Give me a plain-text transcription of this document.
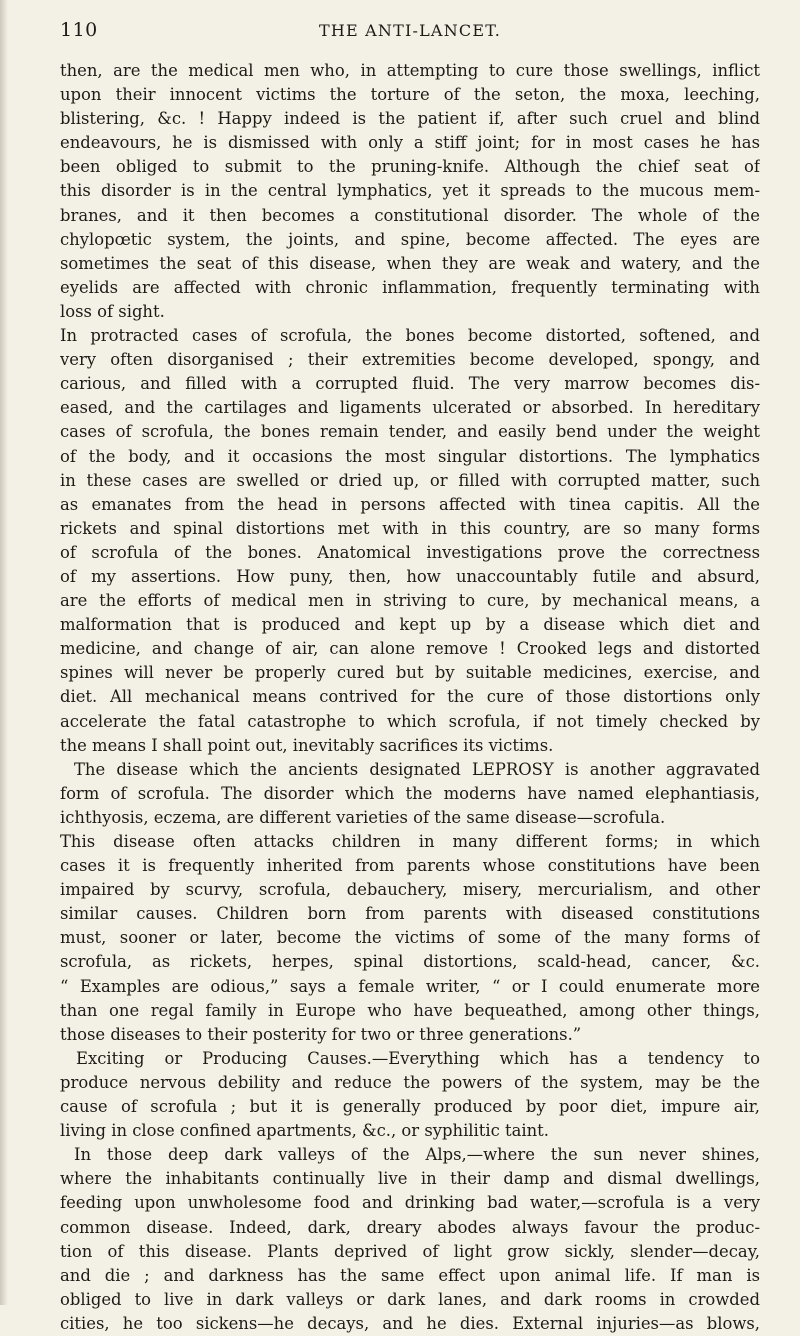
110	THE ANTI-LANCET.
then, are the medical men who, in attempting to cure those swellings, inflict
upon their innocent victims the torture of the seton, the moxa, leeching,
blistering, &c. ! Happy indeed is the patient if, after such cruel and blind
endeavours, he is dismissed with only a stiff joint; for in most cases he has
been obliged to submit to the pruning-knife. Although the chief seat of
this disorder is in the central lymphatics, yet it spreads to the mucous mem-
branes, and it then becomes a constitutional disorder. The whole of the
chylopœtic system, the joints, and spine, become affected. The eyes are
sometimes the seat of this disease, when they are weak and watery, and the
eyelids are affected with chronic inflammation, frequently terminating with
loss of sight.
In protracted cases of scrofula, the bones become distorted, softened, and
very often disorganised ; their extremities become developed, spongy, and
carious, and filled with a corrupted fluid. The very marrow becomes dis-
eased, and the cartilages and ligaments ulcerated or absorbed. In hereditary
cases of scrofula, the bones remain tender, and easily bend under the weight
of the body, and it occasions the most singular distortions. The lymphatics
in these cases are swelled or dried up, or filled with corrupted matter, such
as emanates from the head in persons affected with tinea capitis. All the
rickets and spinal distortions met with in this country, are so many forms
of scrofula of the bones. Anatomical investigations prove the correctness
of my assertions. How puny, then, how unaccountably futile and absurd,
are the efforts of medical men in striving to cure, by mechanical means, a
malformation that is produced and kept up by a disease which diet and
medicine, and change of air, can alone remove ! Crooked legs and distorted
spines will never be properly cured but by suitable medicines, exercise, and
diet. All mechanical means contrived for the cure of those distortions only
accelerate the fatal catastrophe to which scrofula, if not timely checked by
the means I shall point out, inevitably sacrifices its victims.
The disease which the ancients designated LEPROSY is another aggravated
form of scrofula. The disorder which the moderns have named elephantiasis,
ichthyosis, eczema, are different varieties of the same disease—scrofula.
This disease often attacks children in many different forms; in which
cases it is frequently inherited from parents whose constitutions have been
impaired by scurvy, scrofula, debauchery, misery, mercurialism, and other
similar causes. Children born from parents with diseased constitutions
must, sooner or later, become the victims of some of the many forms of
scrofula, as rickets, herpes, spinal distortions, scald-head, cancer, &c.
“ Examples are odious,” says a female writer, “ or I could enumerate more
than one regal family in Europe who have bequeathed, among other things,
those diseases to their posterity for two or three generations.”
Exciting or Producing Causes.—Everything which has a tendency to
produce nervous debility and reduce the powers of the system, may be the
cause of scrofula ; but it is generally produced by poor diet, impure air,
living in close confined apartments, &c., or syphilitic taint.
In those deep dark valleys of the Alps,—where the sun never shines,
where the inhabitants continually live in their damp and dismal dwellings,
feeding upon unwholesome food and drinking bad water,—scrofula is a very
common disease. Indeed, dark, dreary abodes always favour the produc-
tion of this disease. Plants deprived of light grow sickly, slender—decay,
and die ; and darkness has the same effect upon animal life. If man is
obliged to live in dark valleys or dark lanes, and dark rooms in crowded
cities, he too sickens—he decays, and he dies. External injuries—as blows,
